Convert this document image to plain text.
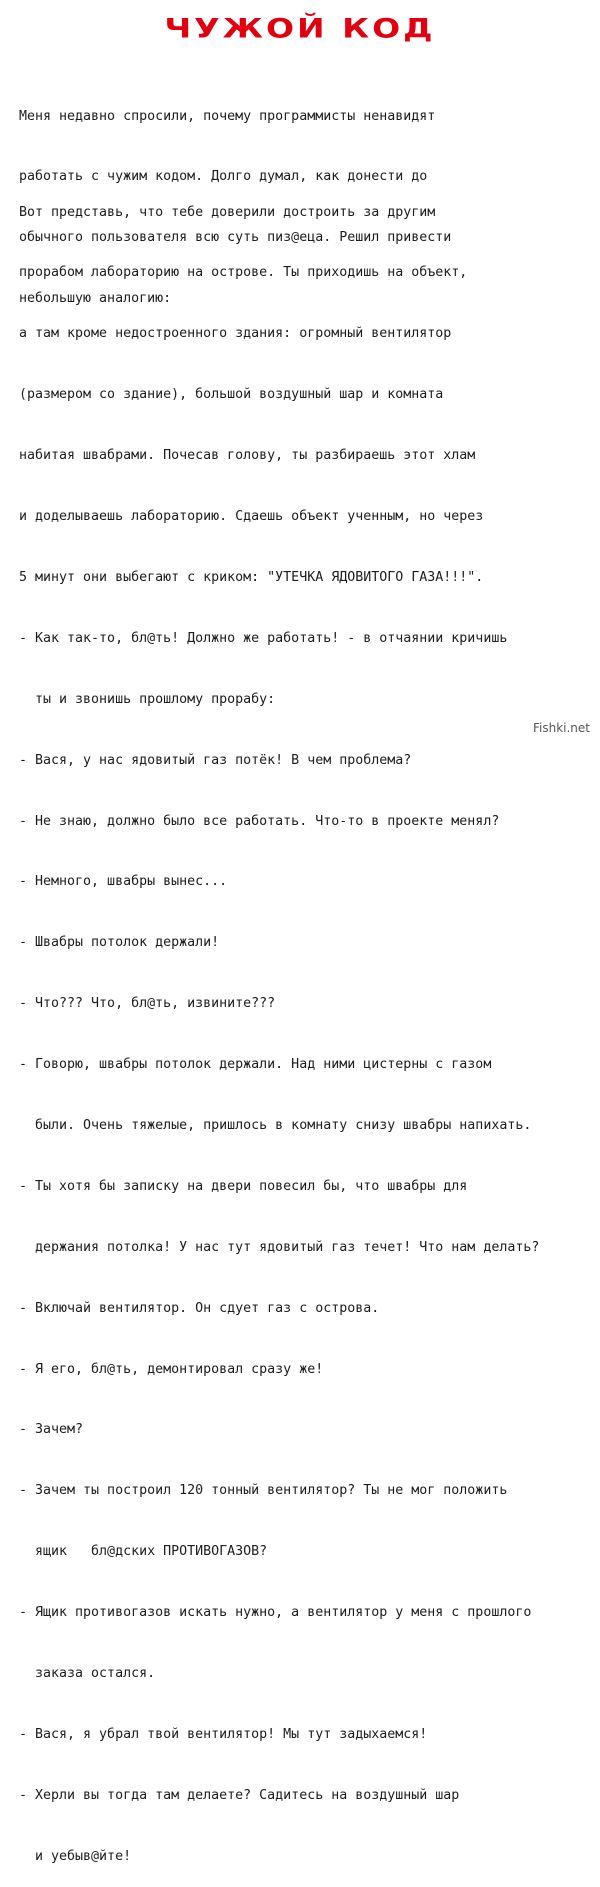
ЧУЖОЙ КОД

Меня недавно спросили, почему программисты ненавидят

работать с чужим кодом. Долго думал, как донести до

обычного пользователя всю суть пиз@еца. Решил привести

небольшую аналогию:

Вот представь, что тебе доверили достроить за другим

прорабом лабораторию на острове. Ты приходишь на объект,

а там кроме недостроенного здания: огромный вентилятор

(размером со здание), большой воздушный шар и комната

набитая швабрами. Почесав голову, ты разбираешь этот хлам

и доделываешь лабораторию. Сдаешь объект ученным, но через

5 минут они выбегают с криком: "УТЕЧКА ЯДОВИТОГО ГАЗА!!!".

- Как так-то, бл@ть! Должно же работать! - в отчаянии кричишь

ты и звонишь прошлому прорабу:

- Вася, у нас ядовитый газ потёк! В чем проблема?

- Не знаю, должно было все работать. Что-то в проекте менял?

- Немного, швабры вынес...

- Швабры потолок держали!

- Что??? Что, бл@ть, извините???

- Говорю, швабры потолок держали. Над ними цистерны с газом

были. Очень тяжелые, пришлось в комнату снизу швабры напихать.

- Ты хотя бы записку на двери повесил бы, что швабры для

держания потолка! У нас тут ядовитый газ течет! Что нам делать?

- Включай вентилятор. Он сдует газ с острова.

- Я его, бл@ть, демонтировал сразу же!

- Зачем?

- Зачем ты построил 120 тонный вентилятор? Ты не мог положить

ящик   бл@дских ПРОТИВОГАЗОВ?

- Ящик противогазов искать нужно, а вентилятор у меня с прошлого

заказа остался.

- Вася, я убрал твой вентилятор! Мы тут задыхаемся!

- Херли вы тогда там делаете? Садитесь на воздушный шар

и уебыв@йте!

Fishki.net
